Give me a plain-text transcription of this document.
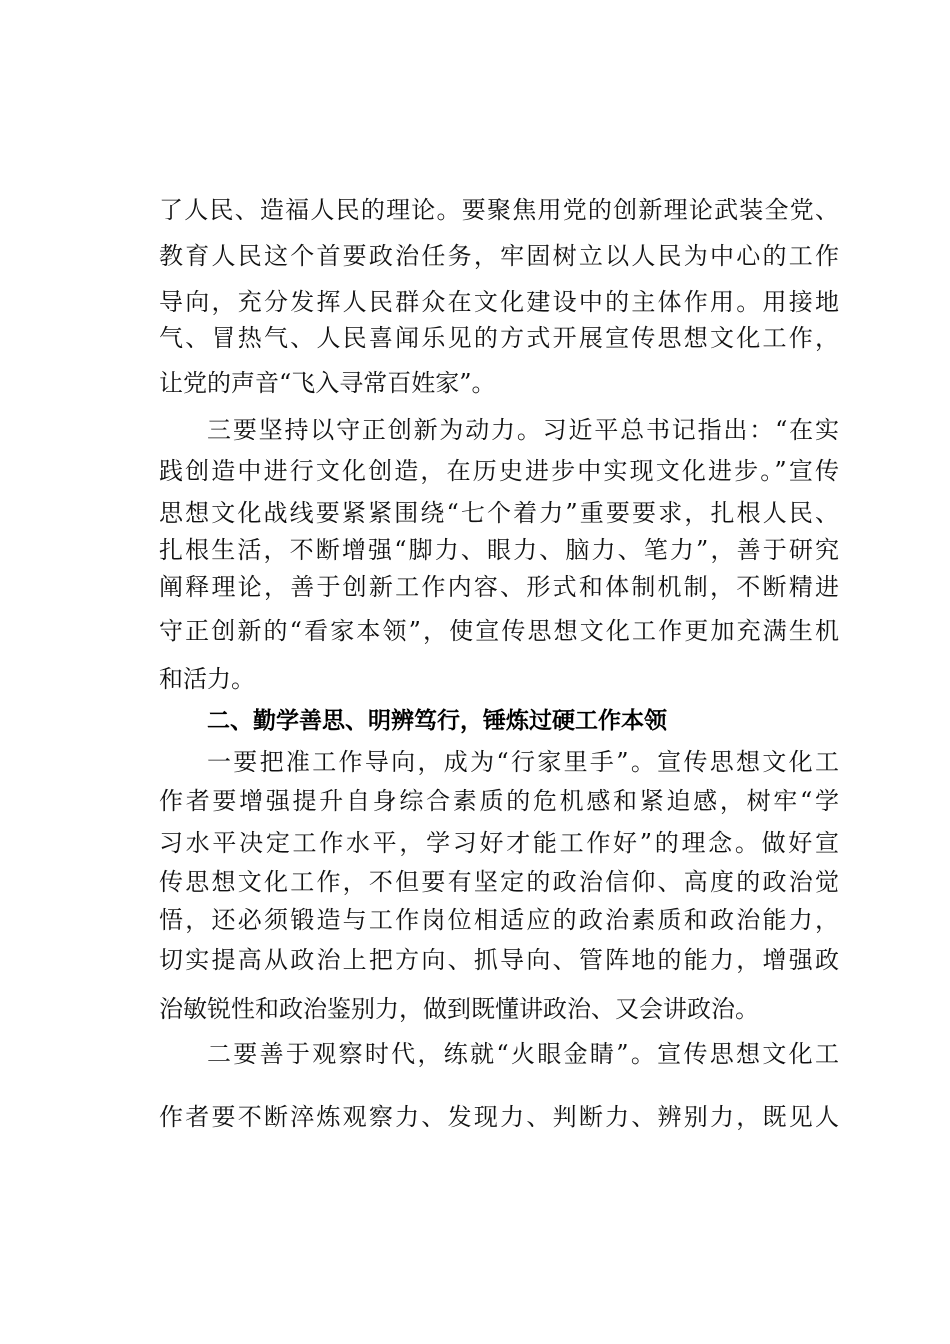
了人民、造福人民的理论。要聚焦用党的创新理论武装全党、
教育人民这个首要政治任务，牢固树立以人民为中心的工作
导向，充分发挥人民群众在文化建设中的主体作用。用接地
气、冒热气、人民喜闻乐见的方式开展宣传思想文化工作，
让党的声音“飞入寻常百姓家”。
三要坚持以守正创新为动力。习近平总书记指出：“在实
践创造中进行文化创造，在历史进步中实现文化进步。”宣传
思想文化战线要紧紧围绕“七个着力”重要要求，扎根人民、
扎根生活，不断增强“脚力、眼力、脑力、笔力”，善于研究
阐释理论，善于创新工作内容、形式和体制机制，不断精进
守正创新的“看家本领”，使宣传思想文化工作更加充满生机
和活力。
二、勤学善思、明辨笃行，锤炼过硬工作本领
一要把准工作导向，成为“行家里手”。宣传思想文化工
作者要增强提升自身综合素质的危机感和紧迫感，树牢“学
习水平决定工作水平，学习好才能工作好”的理念。做好宣
传思想文化工作，不但要有坚定的政治信仰、高度的政治觉
悟，还必须锻造与工作岗位相适应的政治素质和政治能力，
切实提高从政治上把方向、抓导向、管阵地的能力，增强政
治敏锐性和政治鉴别力，做到既懂讲政治、又会讲政治。
二要善于观察时代，练就“火眼金睛”。宣传思想文化工
作者要不断淬炼观察力、发现力、判断力、辨别力，既见人
